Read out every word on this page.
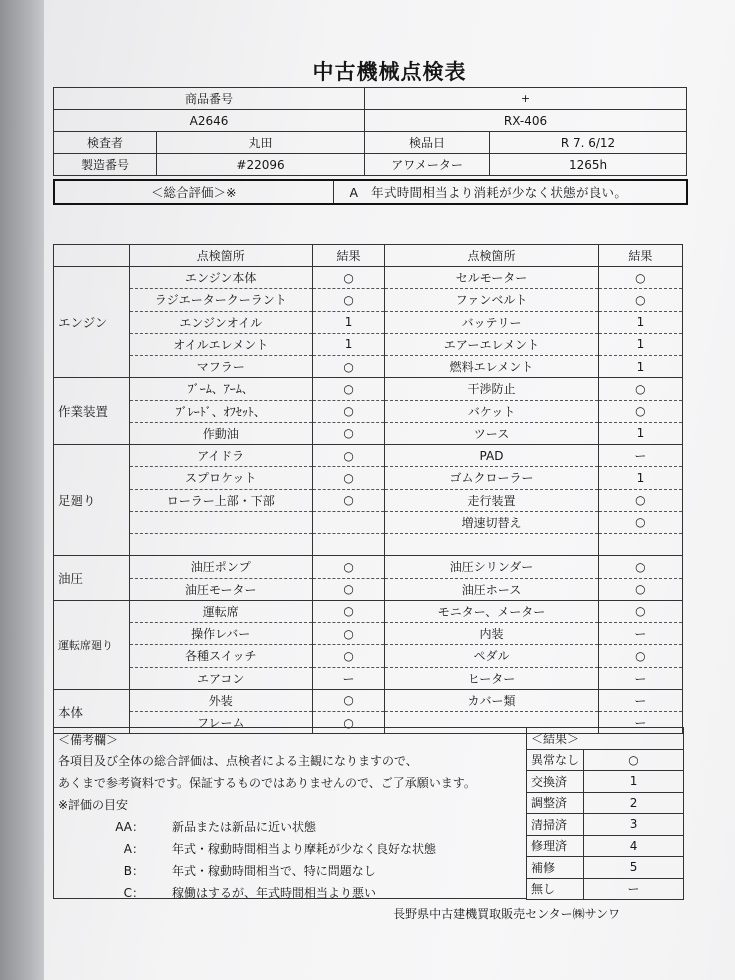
中古機械点検表
商品番号		+	
A2646		RX-406	
検査者	丸田	検品日	R 7. 6/12
製造番号	#22096	アワメーター	1265h
＜総合評価＞※	A　年式時間相当より消耗が少なく状態が良い。
	点検箇所	結果	点検箇所	結果
エンジン	エンジン本体	○	セルモーター	○
	ラジエータークーラント	○	ファンベルト	○
	エンジンオイル	1	バッテリー	1
	オイルエレメント	1	エアーエレメント	1
	マフラー	○	燃料エレメント	1
作業装置	ﾌﾞｰﾑ、ｱｰﾑ、	○	干渉防止	○
	ﾌﾞﾚｰﾄﾞ、ｵﾌｾｯﾄ、	○	バケット	○
	作動油	○	ツース	1
足廻り	アイドラ	○	PAD	ー
	スプロケット	○	ゴムクローラー	1
	ローラー上部・下部	○	走行装置	○
			増速切替え	○

油圧	油圧ポンプ	○	油圧シリンダー	○
	油圧モーター	○	油圧ホース	○
運転席廻り	運転席	○	モニター、メーター	○
	操作レバー	○	内装	ー
	各種スイッチ	○	ペダル	○
	エアコン	ー	ヒーター	ー
本体	外装	○	カバー類	ー
	フレーム	○		ー
＜備考欄＞
各項目及び全体の総合評価は、点検者による主観になりますので、
あくまで参考資料です。保証するものではありませんので、ご了承願います。
※評価の目安
AA： 新品または新品に近い状態
A： 年式・稼動時間相当より摩耗が少なく良好な状態
B： 年式・稼動時間相当で、特に問題なし
C： 稼働はするが、年式時間相当より悪い
＜結果＞	
異常なし	○
交換済	1
調整済	2
清掃済	3
修理済	4
補修	5
無し	ー
長野県中古建機買取販売センター㈱サンワ
